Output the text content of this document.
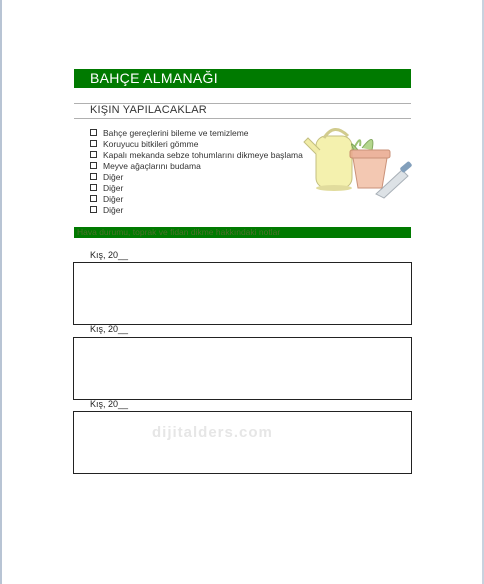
BAHÇE ALMANAĞI
KIŞIN YAPILACAKLAR
Bahçe gereçlerini bileme ve temizleme
Koruyucu bitkileri gömme
Kapalı mekanda sebze tohumlarını dikmeye başlama
Meyve ağaçlarını budama
Diğer
Diğer
Diğer
Diğer
Hava durumu, toprak ve fidan dikme hakkındaki notlar
Kış, 20__
Kış, 20__
Kış, 20__
dijitalders.com
